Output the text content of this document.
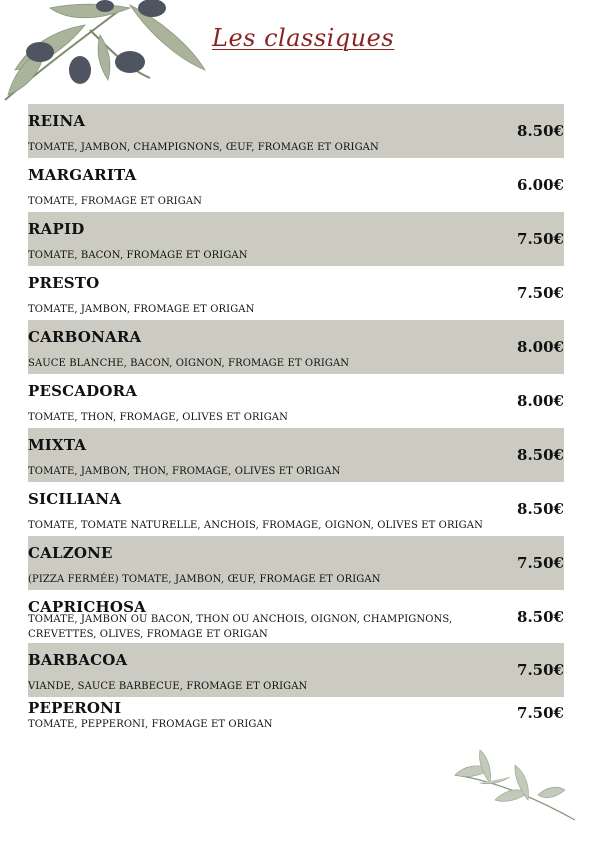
Les classiques
REINA
TOMATE, JAMBON, CHAMPIGNONS, ŒUF, FROMAGE ET ORIGAN
8.50€
MARGARITA
TOMATE, FROMAGE ET ORIGAN
6.00€
RAPID
TOMATE, BACON, FROMAGE ET ORIGAN
7.50€
PRESTO
TOMATE, JAMBON, FROMAGE ET ORIGAN
7.50€
CARBONARA
SAUCE BLANCHE, BACON, OIGNON, FROMAGE ET ORIGAN
8.00€
PESCADORA
TOMATE, THON, FROMAGE, OLIVES ET ORIGAN
8.00€
MIXTA
TOMATE, JAMBON, THON, FROMAGE, OLIVES ET ORIGAN
8.50€
SICILIANA
TOMATE, TOMATE NATURELLE, ANCHOIS, FROMAGE, OIGNON, OLIVES ET ORIGAN
8.50€
CALZONE
(PIZZA FERMÉE) TOMATE, JAMBON, ŒUF, FROMAGE ET ORIGAN
7.50€
CAPRICHOSA
TOMATE, JAMBON OU BACON, THON OU ANCHOIS, OIGNON, CHAMPIGNONS, CREVETTES, OLIVES, FROMAGE ET ORIGAN
8.50€
BARBACOA
VIANDE, SAUCE BARBECUE, FROMAGE ET ORIGAN
7.50€
PEPERONI
TOMATE, PEPPERONI, FROMAGE ET ORIGAN
7.50€
